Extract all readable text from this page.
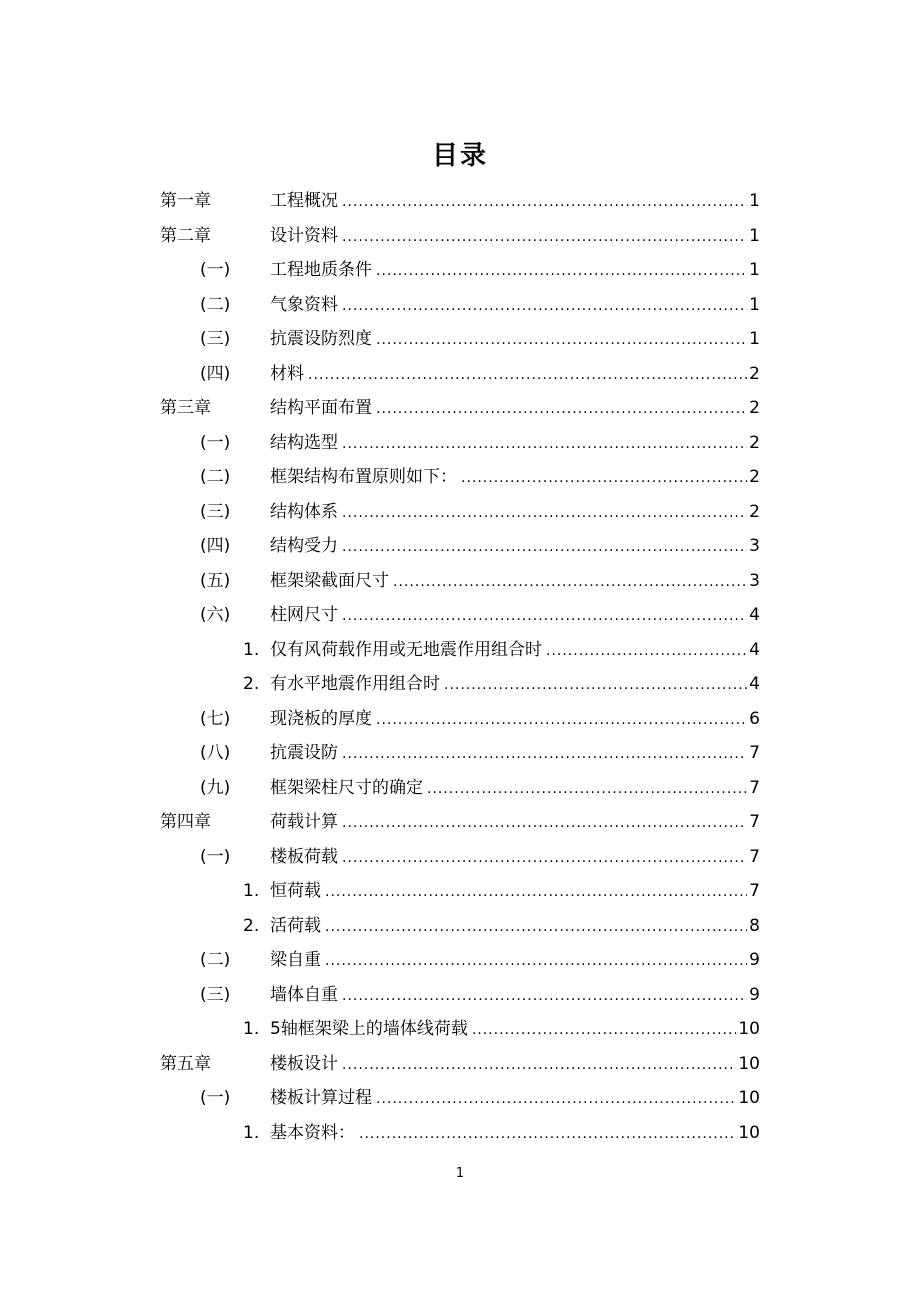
目录
第一章	工程概况 .....	1
第二章	设计资料 .....	1
(一) 工程地质条件 .....	1
(二) 气象资料 .....	1
(三) 抗震设防烈度 .....	1
(四) 材料 .....	2
第三章	结构平面布置 .....	2
(一) 结构选型 .....	2
(二) 框架结构布置原则如下： .....	2
(三) 结构体系 .....	2
(四) 结构受力 .....	3
(五) 框架梁截面尺寸 .....	3
(六) 柱网尺寸 .....	4
1. 仅有风荷载作用或无地震作用组合时 .....	4
2. 有水平地震作用组合时 .....	4
(七) 现浇板的厚度 .....	6
(八) 抗震设防 .....	7
(九) 框架梁柱尺寸的确定 .....	7
第四章	荷载计算 .....	7
(一) 楼板荷载 .....	7
1. 恒荷载 .....	7
2. 活荷载 .....	8
(二) 梁自重 .....	9
(三) 墙体自重 .....	9
1. 5轴框架梁上的墙体线荷载 .....	10
第五章	楼板设计 .....	10
(一) 楼板计算过程 .....	10
1. 基本资料： .....	10
1
